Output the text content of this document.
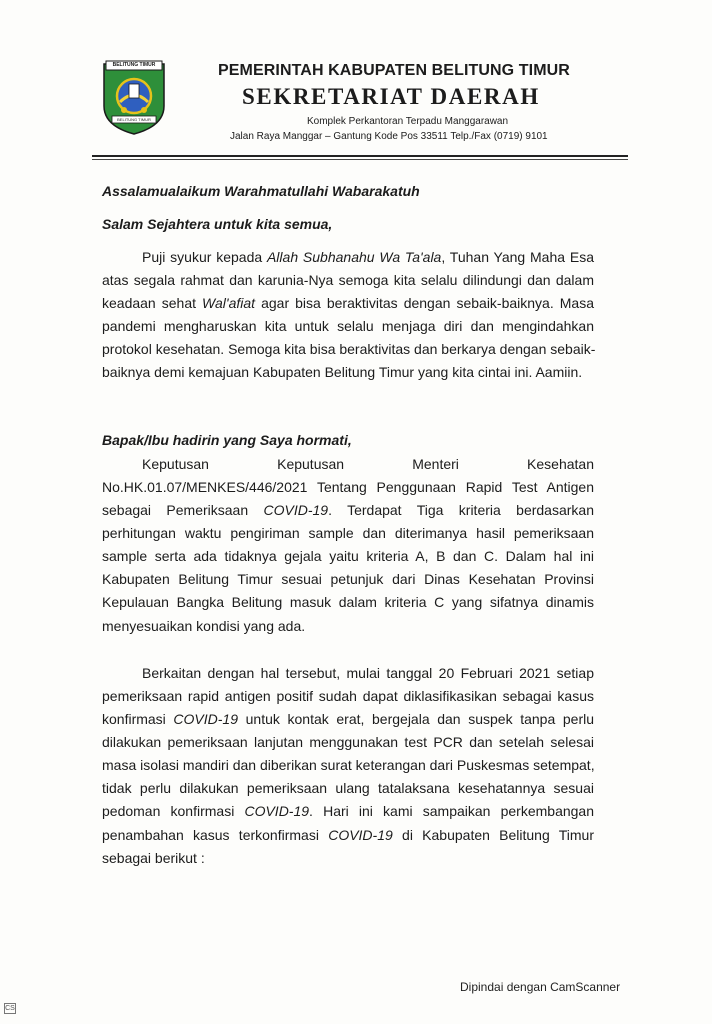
BELITUNG TIMUR
BELITUNG TIMUR
PEMERINTAH KABUPATEN BELITUNG TIMUR
SEKRETARIAT DAERAH
Komplek Perkantoran Terpadu Manggarawan
Jalan Raya Manggar – Gantung Kode Pos 33511 Telp./Fax (0719) 9101
Assalamualaikum Warahmatullahi Wabarakatuh
Salam Sejahtera untuk kita semua,
Puji syukur kepada Allah Subhanahu Wa Ta'ala, Tuhan Yang Maha Esa
atas segala rahmat dan karunia-Nya semoga kita selalu dilindungi dan dalam
keadaan sehat Wal'afiat agar bisa beraktivitas dengan sebaik-baiknya. Masa
pandemi mengharuskan kita untuk selalu menjaga diri dan mengindahkan
protokol kesehatan. Semoga kita bisa beraktivitas dan berkarya dengan sebaik-
baiknya demi kemajuan Kabupaten Belitung Timur yang kita cintai ini. Aamiin.
Bapak/Ibu hadirin yang Saya hormati,
Keputusan Keputusan Menteri Kesehatan
No.HK.01.07/MENKES/446/2021 Tentang Penggunaan Rapid Test Antigen
sebagai Pemeriksaan COVID-19. Terdapat Tiga kriteria berdasarkan
perhitungan waktu pengiriman sample dan diterimanya hasil pemeriksaan
sample serta ada tidaknya gejala yaitu kriteria A, B dan C. Dalam hal ini
Kabupaten Belitung Timur sesuai petunjuk dari Dinas Kesehatan Provinsi
Kepulauan Bangka Belitung masuk dalam kriteria C yang sifatnya dinamis
menyesuaikan kondisi yang ada.
Berkaitan dengan hal tersebut, mulai tanggal 20 Februari 2021 setiap
pemeriksaan rapid antigen positif sudah dapat diklasifikasikan sebagai kasus
konfirmasi COVID-19 untuk kontak erat, bergejala dan suspek tanpa perlu
dilakukan pemeriksaan lanjutan menggunakan test PCR dan setelah selesai
masa isolasi mandiri dan diberikan surat keterangan dari Puskesmas setempat,
tidak perlu dilakukan pemeriksaan ulang tatalaksana kesehatannya sesuai
pedoman konfirmasi COVID-19. Hari ini kami sampaikan perkembangan
penambahan kasus terkonfirmasi COVID-19 di Kabupaten Belitung Timur
sebagai berikut :
Dipindai dengan CamScanner
CS
